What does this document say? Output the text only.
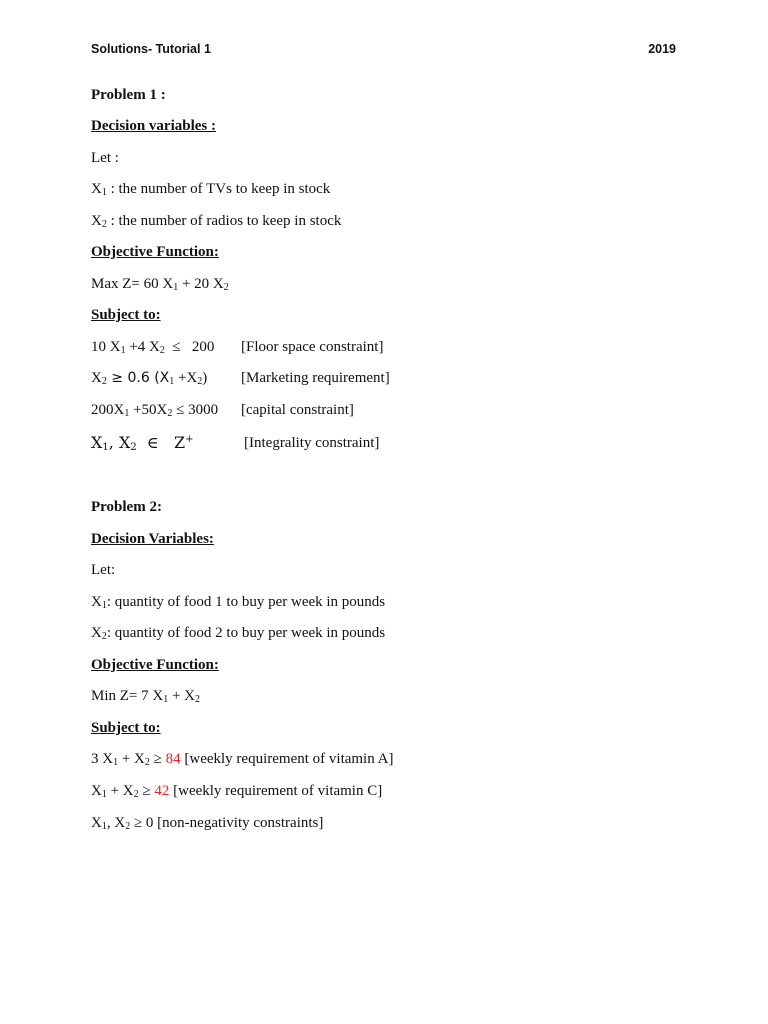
Solutions- Tutorial 1	2019
Problem 1 :
Decision variables :
Let :
$X_1$ : the number of TVs to keep in stock
$X_2$ : the number of radios to keep in stock
Objective Function:
Max Z= 60 $X_1 + 20$ $X_2$
Subject to:
10 $X_1 +4$ $X_2 \le 200$ [Floor space constraint]
$X_2 \ge 0.6$ $(X_1 +X_2)$ [Marketing requirement]
$200X_1 +50X_2 \le 3000$ [capital constraint]
$X_1$, $X_2$  ∈   Z+	[Integrality constraint]
Problem 2:
Decision Variables:
Let:
$X_1$: quantity of food 1 to buy per week in pounds
$X_2$: quantity of food 2 to buy per week in pounds
Objective Function:
Min Z= 7 $X_1 + X_2$
Subject to:
3 $X_1 + X_2 \ge 84$ [weekly requirement of vitamin A]
$X_1 + X_2 \ge 42$ [weekly requirement of vitamin C]
$X_1$, $X_2 \ge 0$ [non-negativity constraints]
